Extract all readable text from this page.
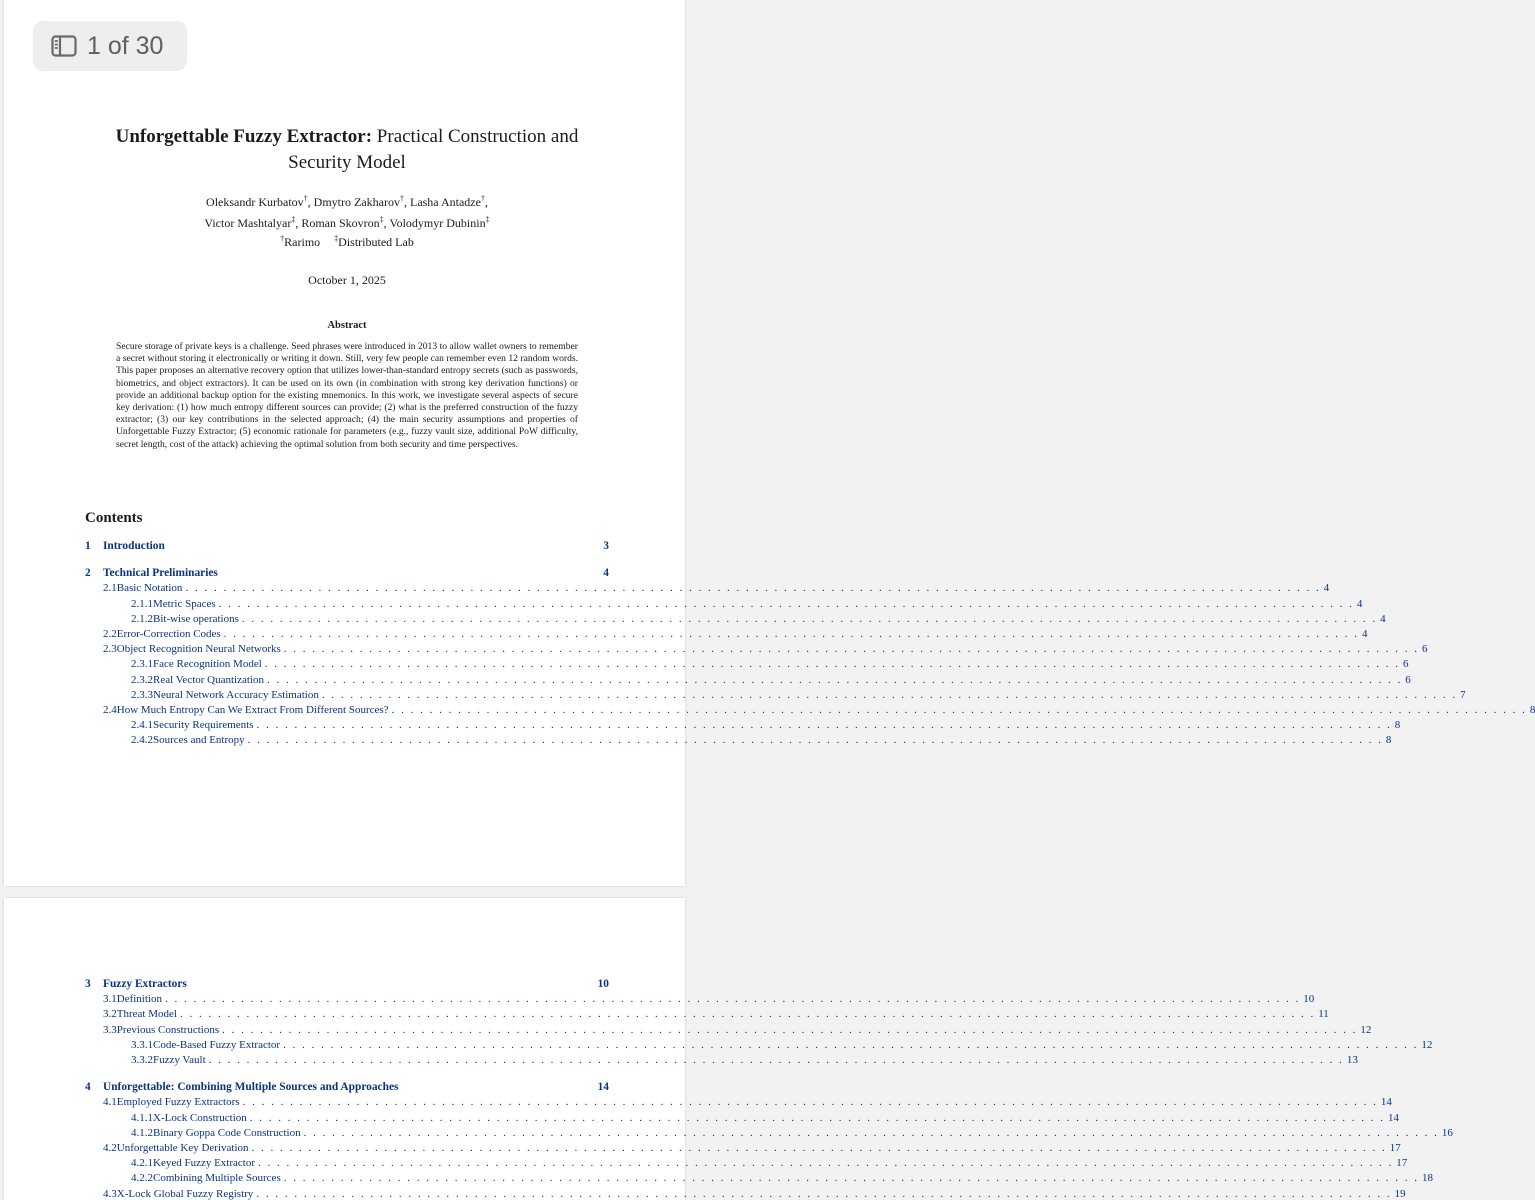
1 of 30
Unforgettable Fuzzy Extractor: Practical Construction and
Security Model
Oleksandr Kurbatov†, Dmytro Zakharov†, Lasha Antadze†,
Victor Mashtalyar‡, Roman Skovron‡, Volodymyr Dubinin‡
†Rarimo ‡Distributed Lab
October 1, 2025
Abstract
Secure storage of private keys is a challenge. Seed phrases were introduced in 2013 to allow wallet owners to remember a secret without storing it electronically or writing it down. Still, very few people can remember even 12 random words. This paper proposes an alternative recovery option that utilizes lower-than-standard entropy secrets (such as passwords, biometrics, and object extractors). It can be used on its own (in combination with strong key derivation functions) or provide an additional backup option for the existing mnemonics. In this work, we investigate several aspects of secure key derivation: (1) how much entropy different sources can provide; (2) what is the preferred construction of the fuzzy extractor; (3) our key contributions in the selected approach; (4) the main security assumptions and properties of Unforgettable Fuzzy Extractor; (5) economic rationale for parameters (e.g., fuzzy vault size, additional PoW difficulty, secret length, cost of the attack) achieving the optimal solution from both security and time perspectives.
Contents
1	Introduction	3
2	Technical Preliminaries	4
2.1 Basic Notation . . . . . . . . . . . . . . . . . . . . . . . . . . . . . . . . . . . . . . . . . . . . . . . . . . . . . . . . . . . . . . . . . . . . . . . . . . . . . . . . . . . . . . . . . . . . . . . . . . . . . . . . . . . . . . . . . . . . . . . . 4
2.1.1 Metric Spaces . . . . . . . . . . . . . . . . . . . . . . . . . . . . . . . . . . . . . . . . . . . . . . . . . . . . . . . . . . . . . . . . . . . . . . . . . . . . . . . . . . . . . . . . . . . . . . . . . . . . . . . . . . . . . . . . . . . . . . . . 4
2.1.2 Bit-wise operations . . . . . . . . . . . . . . . . . . . . . . . . . . . . . . . . . . . . . . . . . . . . . . . . . . . . . . . . . . . . . . . . . . . . . . . . . . . . . . . . . . . . . . . . . . . . . . . . . . . . . . . . . . . . . . . . . . . . . . . . 4
2.2 Error-Correction Codes . . . . . . . . . . . . . . . . . . . . . . . . . . . . . . . . . . . . . . . . . . . . . . . . . . . . . . . . . . . . . . . . . . . . . . . . . . . . . . . . . . . . . . . . . . . . . . . . . . . . . . . . . . . . . . . . . . . . . . . . 4
2.3 Object Recognition Neural Networks . . . . . . . . . . . . . . . . . . . . . . . . . . . . . . . . . . . . . . . . . . . . . . . . . . . . . . . . . . . . . . . . . . . . . . . . . . . . . . . . . . . . . . . . . . . . . . . . . . . . . . . . . . . . . . . . . . . . . . . . 6
2.3.1 Face Recognition Model . . . . . . . . . . . . . . . . . . . . . . . . . . . . . . . . . . . . . . . . . . . . . . . . . . . . . . . . . . . . . . . . . . . . . . . . . . . . . . . . . . . . . . . . . . . . . . . . . . . . . . . . . . . . . . . . . . . . . . . . 6
2.3.2 Real Vector Quantization . . . . . . . . . . . . . . . . . . . . . . . . . . . . . . . . . . . . . . . . . . . . . . . . . . . . . . . . . . . . . . . . . . . . . . . . . . . . . . . . . . . . . . . . . . . . . . . . . . . . . . . . . . . . . . . . . . . . . . . . 6
2.3.3 Neural Network Accuracy Estimation . . . . . . . . . . . . . . . . . . . . . . . . . . . . . . . . . . . . . . . . . . . . . . . . . . . . . . . . . . . . . . . . . . . . . . . . . . . . . . . . . . . . . . . . . . . . . . . . . . . . . . . . . . . . . . . . . . . . . . . . 7
2.4 How Much Entropy Can We Extract From Different Sources? . . . . . . . . . . . . . . . . . . . . . . . . . . . . . . . . . . . . . . . . . . . . . . . . . . . . . . . . . . . . . . . . . . . . . . . . . . . . . . . . . . . . . . . . . . . . . . . . . . . . . . . . . . . . . . . . . . . . . . . . 8
2.4.1 Security Requirements . . . . . . . . . . . . . . . . . . . . . . . . . . . . . . . . . . . . . . . . . . . . . . . . . . . . . . . . . . . . . . . . . . . . . . . . . . . . . . . . . . . . . . . . . . . . . . . . . . . . . . . . . . . . . . . . . . . . . . . . 8
2.4.2 Sources and Entropy . . . . . . . . . . . . . . . . . . . . . . . . . . . . . . . . . . . . . . . . . . . . . . . . . . . . . . . . . . . . . . . . . . . . . . . . . . . . . . . . . . . . . . . . . . . . . . . . . . . . . . . . . . . . . . . . . . . . . . . . 8
3	Fuzzy Extractors	10
3.1 Definition . . . . . . . . . . . . . . . . . . . . . . . . . . . . . . . . . . . . . . . . . . . . . . . . . . . . . . . . . . . . . . . . . . . . . . . . . . . . . . . . . . . . . . . . . . . . . . . . . . . . . . . . . . . . . . . . . . . . . . . . 10
3.2 Threat Model . . . . . . . . . . . . . . . . . . . . . . . . . . . . . . . . . . . . . . . . . . . . . . . . . . . . . . . . . . . . . . . . . . . . . . . . . . . . . . . . . . . . . . . . . . . . . . . . . . . . . . . . . . . . . . . . . . . . . . . . 11
3.3 Previous Constructions . . . . . . . . . . . . . . . . . . . . . . . . . . . . . . . . . . . . . . . . . . . . . . . . . . . . . . . . . . . . . . . . . . . . . . . . . . . . . . . . . . . . . . . . . . . . . . . . . . . . . . . . . . . . . . . . . . . . . . . . 12
3.3.1 Code-Based Fuzzy Extractor . . . . . . . . . . . . . . . . . . . . . . . . . . . . . . . . . . . . . . . . . . . . . . . . . . . . . . . . . . . . . . . . . . . . . . . . . . . . . . . . . . . . . . . . . . . . . . . . . . . . . . . . . . . . . . . . . . . . . . . . 12
3.3.2 Fuzzy Vault . . . . . . . . . . . . . . . . . . . . . . . . . . . . . . . . . . . . . . . . . . . . . . . . . . . . . . . . . . . . . . . . . . . . . . . . . . . . . . . . . . . . . . . . . . . . . . . . . . . . . . . . . . . . . . . . . . . . . . . . 13
4	Unforgettable: Combining Multiple Sources and Approaches	14
4.1 Employed Fuzzy Extractors . . . . . . . . . . . . . . . . . . . . . . . . . . . . . . . . . . . . . . . . . . . . . . . . . . . . . . . . . . . . . . . . . . . . . . . . . . . . . . . . . . . . . . . . . . . . . . . . . . . . . . . . . . . . . . . . . . . . . . . . 14
4.1.1 X-Lock Construction . . . . . . . . . . . . . . . . . . . . . . . . . . . . . . . . . . . . . . . . . . . . . . . . . . . . . . . . . . . . . . . . . . . . . . . . . . . . . . . . . . . . . . . . . . . . . . . . . . . . . . . . . . . . . . . . . . . . . . . . 14
4.1.2 Binary Goppa Code Construction . . . . . . . . . . . . . . . . . . . . . . . . . . . . . . . . . . . . . . . . . . . . . . . . . . . . . . . . . . . . . . . . . . . . . . . . . . . . . . . . . . . . . . . . . . . . . . . . . . . . . . . . . . . . . . . . . . . . . . . . 16
4.2 Unforgettable Key Derivation . . . . . . . . . . . . . . . . . . . . . . . . . . . . . . . . . . . . . . . . . . . . . . . . . . . . . . . . . . . . . . . . . . . . . . . . . . . . . . . . . . . . . . . . . . . . . . . . . . . . . . . . . . . . . . . . . . . . . . . . 17
4.2.1 Keyed Fuzzy Extractor . . . . . . . . . . . . . . . . . . . . . . . . . . . . . . . . . . . . . . . . . . . . . . . . . . . . . . . . . . . . . . . . . . . . . . . . . . . . . . . . . . . . . . . . . . . . . . . . . . . . . . . . . . . . . . . . . . . . . . . . 17
4.2.2 Combining Multiple Sources . . . . . . . . . . . . . . . . . . . . . . . . . . . . . . . . . . . . . . . . . . . . . . . . . . . . . . . . . . . . . . . . . . . . . . . . . . . . . . . . . . . . . . . . . . . . . . . . . . . . . . . . . . . . . . . . . . . . . . . . 18
4.3 X-Lock Global Fuzzy Registry . . . . . . . . . . . . . . . . . . . . . . . . . . . . . . . . . . . . . . . . . . . . . . . . . . . . . . . . . . . . . . . . . . . . . . . . . . . . . . . . . . . . . . . . . . . . . . . . . . . . . . . . . . . . . . . . . . . . . . . . 19
